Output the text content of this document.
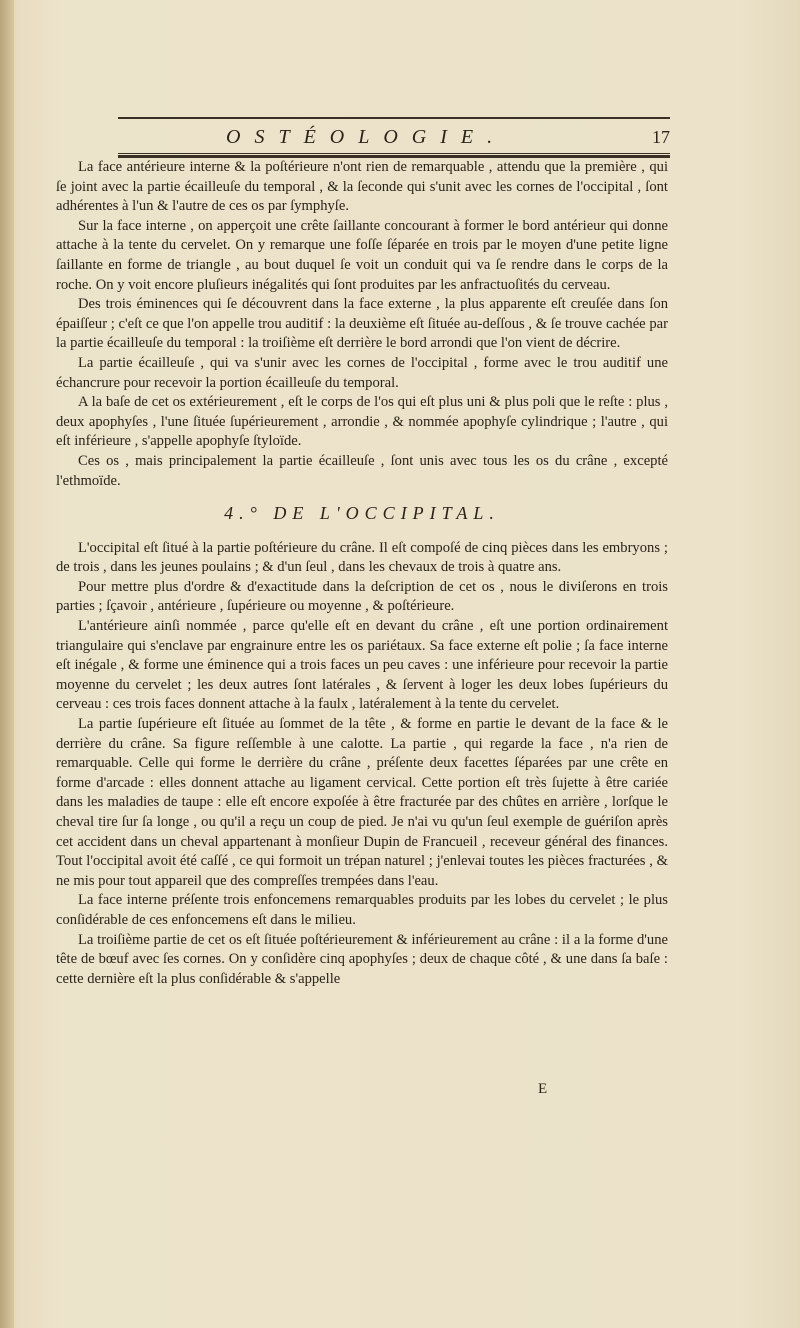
OSTÉOLOGIE.	17

La face antérieure interne & la poſtérieure n'ont rien de remarquable , attendu que la première , qui ſe joint avec la partie écailleuſe du temporal , & la ſeconde qui s'unit avec les cornes de l'occipital , ſont adhérentes à l'un & l'autre de ces os par ſymphyſe.

Sur la face interne , on apperçoit une crête ſaillante concourant à former le bord antérieur qui donne attache à la tente du cervelet. On y remarque une foſſe ſéparée en trois par le moyen d'une petite ligne ſaillante en forme de triangle , au bout duquel ſe voit un conduit qui va ſe rendre dans le corps de la roche. On y voit encore pluſieurs inégalités qui ſont produites par les anfractuoſités du cerveau.

Des trois éminences qui ſe découvrent dans la face externe , la plus apparente eſt creuſée dans ſon épaiſſeur ; c'eſt ce que l'on appelle trou auditif : la deuxième eſt ſituée au-deſſous , & ſe trouve cachée par la partie écailleuſe du temporal : la troiſième eſt derrière le bord arrondi que l'on vient de décrire.

La partie écailleuſe , qui va s'unir avec les cornes de l'occipital , forme avec le trou auditif une échancrure pour recevoir la portion écailleuſe du temporal.

A la baſe de cet os extérieurement , eſt le corps de l'os qui eſt plus uni & plus poli que le reſte : plus , deux apophyſes , l'une ſituée ſupérieurement , arrondie , & nommée apophyſe cylindrique ; l'autre , qui eſt inférieure , s'appelle apophyſe ſtyloïde.

Ces os , mais principalement la partie écailleuſe , ſont unis avec tous les os du crâne , excepté l'ethmoïde.

4.° DE L'OCCIPITAL.

L'occipital eſt ſitué à la partie poſtérieure du crâne. Il eſt compoſé de cinq pièces dans les embryons ; de trois , dans les jeunes poulains ; & d'un ſeul , dans les chevaux de trois à quatre ans.

Pour mettre plus d'ordre & d'exactitude dans la deſcription de cet os , nous le diviſerons en trois parties ; ſçavoir , antérieure , ſupérieure ou moyenne , & poſtérieure.

L'antérieure ainſi nommée , parce qu'elle eſt en devant du crâne , eſt une portion ordinairement triangulaire qui s'enclave par engrainure entre les os pariétaux. Sa face externe eſt polie ; ſa face interne eſt inégale , & forme une éminence qui a trois faces un peu caves : une inférieure pour recevoir la partie moyenne du cervelet ; les deux autres ſont latérales , & ſervent à loger les deux lobes ſupérieurs du cerveau : ces trois faces donnent attache à la faulx , latéralement à la tente du cervelet.

La partie ſupérieure eſt ſituée au ſommet de la tête , & forme en partie le devant de la face & le derrière du crâne. Sa figure reſſemble à une calotte. La partie , qui regarde la face , n'a rien de remarquable. Celle qui forme le derrière du crâne , préſente deux facettes ſéparées par une crête en forme d'arcade : elles donnent attache au ligament cervical. Cette portion eſt très ſujette à être cariée dans les maladies de taupe : elle eſt encore expoſée à être fracturée par des chûtes en arrière , lorſque le cheval tire ſur ſa longe , ou qu'il a reçu un coup de pied. Je n'ai vu qu'un ſeul exemple de guériſon après cet accident dans un cheval appartenant à monſieur Dupin de Francueil , receveur général des finances. Tout l'occipital avoit été caſſé , ce qui formoit un trépan naturel ; j'enlevai toutes les pièces fracturées , & ne mis pour tout appareil que des compreſſes trempées dans l'eau.

La face interne préſente trois enfoncemens remarquables produits par les lobes du cervelet ; le plus conſidérable de ces enfoncemens eſt dans le milieu.

La troiſième partie de cet os eſt ſituée poſtérieurement & inférieurement au crâne : il a la forme d'une tête de bœuf avec ſes cornes. On y conſidère cinq apophyſes ; deux de chaque côté , & une dans ſa baſe : cette dernière eſt la plus conſidérable & s'appelle

E
